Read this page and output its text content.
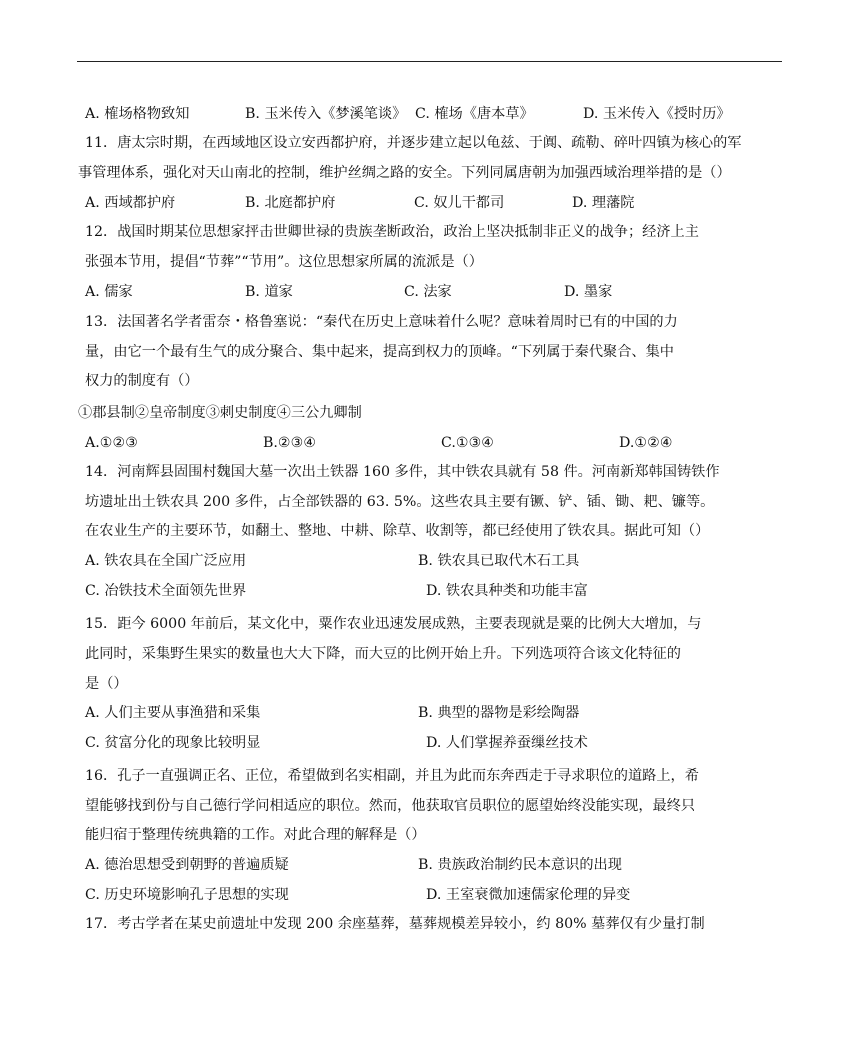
A. 榷场格物致知	B. 玉米传入《梦溪笔谈》 C. 榷场《唐本草》	D. 玉米传入《授时历》
11．唐太宗时期，在西域地区设立安西都护府，并逐步建立起以龟兹、于阗、疏勒、碎叶四镇为核心的军
事管理体系，强化对天山南北的控制，维护丝绸之路的安全。下列同属唐朝为加强西域治理举措的是（）
A. 西域都护府	B. 北庭都护府	C. 奴儿干都司	D. 理藩院
12．战国时期某位思想家抨击世卿世禄的贵族垄断政治，政治上坚决抵制非正义的战争；经济上主
张强本节用，提倡“节葬”“节用”。这位思想家所属的流派是（）
A. 儒家	B. 道家	C. 法家	D. 墨家
13．法国著名学者雷奈・格鲁塞说：“秦代在历史上意味着什么呢？意味着周时已有的中国的力
量，由它一个最有生气的成分聚合、集中起来，提高到权力的顶峰。“下列属于秦代聚合、集中
权力的制度有（）
①郡县制②皇帝制度③刺史制度④三公九卿制
A.①②③	B.②③④	C.①③④	D.①②④
14．河南辉县固围村魏国大墓一次出土铁器 160 多件，其中铁农具就有 58 件。河南新郑韩国铸铁作
坊遗址出土铁农具 200 多件，占全部铁器的 63. 5%。这些农具主要有镢、铲、锸、锄、耙、镰等。
在农业生产的主要环节，如翻土、整地、中耕、除草、收割等，都已经使用了铁农具。据此可知（）
A. 铁农具在全国广泛应用	B. 铁农具已取代木石工具
C. 冶铁技术全面领先世界	D. 铁农具种类和功能丰富
15．距今 6000 年前后，某文化中，粟作农业迅速发展成熟，主要表现就是粟的比例大大增加，与
此同时，采集野生果实的数量也大大下降，而大豆的比例开始上升。下列选项符合该文化特征的
是（）
A. 人们主要从事渔猎和采集	B. 典型的器物是彩绘陶器
C. 贫富分化的现象比较明显	D. 人们掌握养蚕缫丝技术
16．孔子一直强调正名、正位，希望做到名实相副，并且为此而东奔西走于寻求职位的道路上，希
望能够找到份与自己德行学问相适应的职位。然而，他获取官员职位的愿望始终没能实现，最终只
能归宿于整理传统典籍的工作。对此合理的解释是（）
A. 德治思想受到朝野的普遍质疑	B. 贵族政治制约民本意识的出现
C. 历史环境影响孔子思想的实现	D. 王室衰微加速儒家伦理的异变
17．考古学者在某史前遗址中发现 200 余座墓葬，墓葬规模差异较小，约 80% 墓葬仅有少量打制
